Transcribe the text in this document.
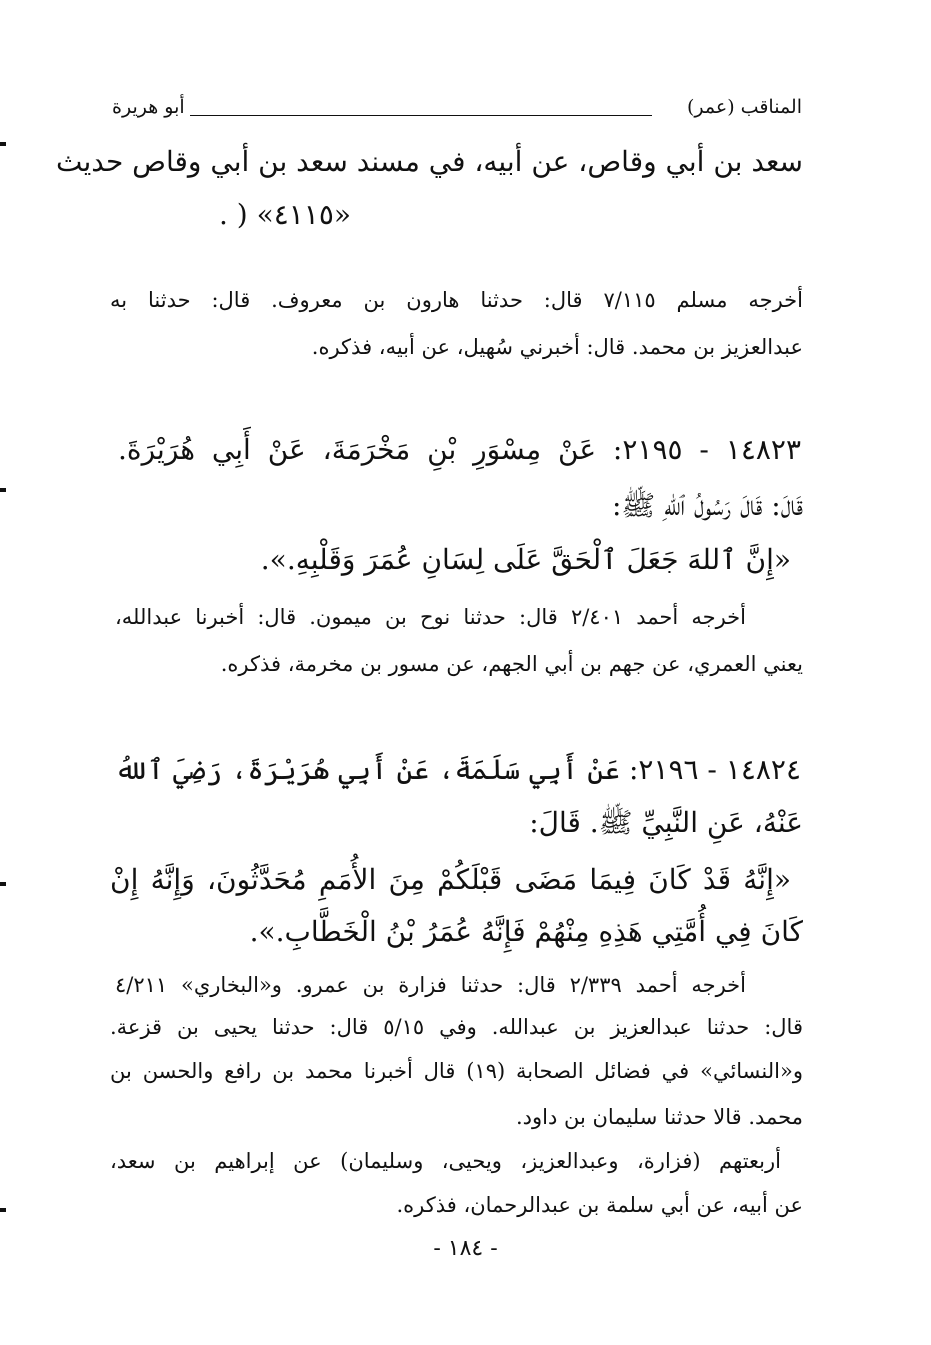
المناقب (عمر)
أبو هريرة
سعد بن أبي وقاص، عن أبيه، في مسند سعد بن أبي وقاص حديث
«٤١١٥» ( .
أخرجه مسلم ٧/١١٥ قال: حدثنا هارون بن معروف. قال: حدثنا به
عبدالعزيز بن محمد. قال: أخبرني سُهيل، عن أبيه، فذكره.
١٤٨٢٣ - ٢١٩٥: عَنْ مِسْوَرِ بْنِ مَخْرَمَةَ، عَنْ أَبِي هُرَيْرَةَ.
قَالَ: قَالَ رَسُولُ ٱللهِ ﷺ:
«إِنَّ ٱللهَ جَعَلَ ٱلْحَقَّ عَلَى لِسَانِ عُمَرَ وَقَلْبِهِ.».
أخرجه أحمد ٢/٤٠١ قال: حدثنا نوح بن ميمون. قال: أخبرنا عبدالله،
يعني العمري، عن جهم بن أبي الجهم، عن مسور بن مخرمة، فذكره.
١٤٨٢٤ - ٢١٩٦: عَنْ أَبِي سَلَمَةَ، عَنْ أَبِي هُرَيْرَةَ، رَضِيَ ٱللهُ
عَنْهُ، عَنِ النَّبِيِّ ﷺ. قَالَ:
«إِنَّهُ قَدْ كَانَ فِيمَا مَضَى قَبْلَكُمْ مِنَ الأُمَمِ مُحَدَّثُونَ، وَإِنَّهُ إِنْ
كَانَ فِي أُمَّتِي هَذِهِ مِنْهُمْ فَإِنَّهُ عُمَرُ بْنُ الْخَطَّابِ.».
أخرجه أحمد ٢/٣٣٩ قال: حدثنا فزارة بن عمرو. و«البخاري» ٤/٢١١
قال: حدثنا عبدالعزيز بن عبدالله. وفي ٥/١٥ قال: حدثنا يحيى بن قزعة.
و«النسائي» في فضائل الصحابة (١٩) قال أخبرنا محمد بن رافع والحسن بن
محمد. قالا حدثنا سليمان بن داود.
أربعتهم (فزارة، وعبدالعزيز، ويحيى، وسليمان) عن إبراهيم بن سعد،
عن أبيه، عن أبي سلمة بن عبدالرحمان، فذكره.
- ١٨٤ -
